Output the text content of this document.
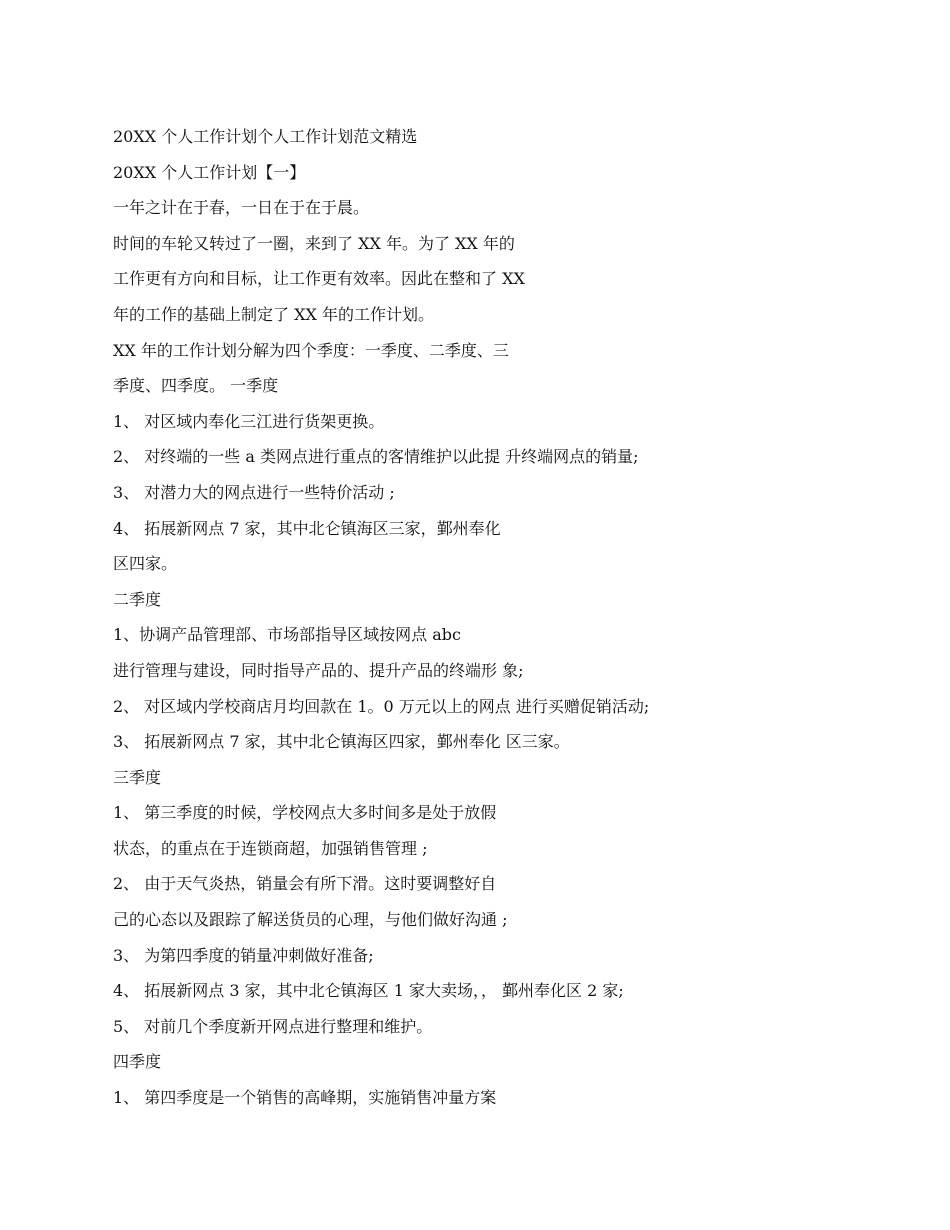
20XX 个人工作计划个人工作计划范文精选

20XX 个人工作计划【一】

一年之计在于春，一日在于在于晨。

时间的车轮又转过了一圈，来到了 XX 年。为了 XX 年的

工作更有方向和目标，让工作更有效率。因此在整和了 XX

年的工作的基础上制定了 XX 年的工作计划。

XX 年的工作计划分解为四个季度：一季度、二季度、三

季度、四季度。 一季度

1、 对区域内奉化三江进行货架更换。

2、 对终端的一些 a 类网点进行重点的客情维护以此提 升终端网点的销量;

3、 对潜力大的网点进行一些特价活动 ;

4、 拓展新网点 7 家，其中北仑镇海区三家，鄞州奉化

区四家。

二季度

1、协调产品管理部、市场部指导区域按网点 abc

进行管理与建设，同时指导产品的、提升产品的终端形 象;

2、 对区域内学校商店月均回款在 1。0 万元以上的网点 进行买赠促销活动;

3、 拓展新网点 7 家，其中北仑镇海区四家，鄞州奉化 区三家。

三季度

1、 第三季度的时候，学校网点大多时间多是处于放假

状态，的重点在于连锁商超，加强销售管理 ;

2、 由于天气炎热，销量会有所下滑。这时要调整好自

己的心态以及跟踪了解送货员的心理，与他们做好沟通 ;

3、 为第四季度的销量冲刺做好准备;

4、 拓展新网点 3 家，其中北仑镇海区 1 家大卖场，， 鄞州奉化区 2 家;

5、 对前几个季度新开网点进行整理和维护。

四季度

1、 第四季度是一个销售的高峰期，实施销售冲量方案
